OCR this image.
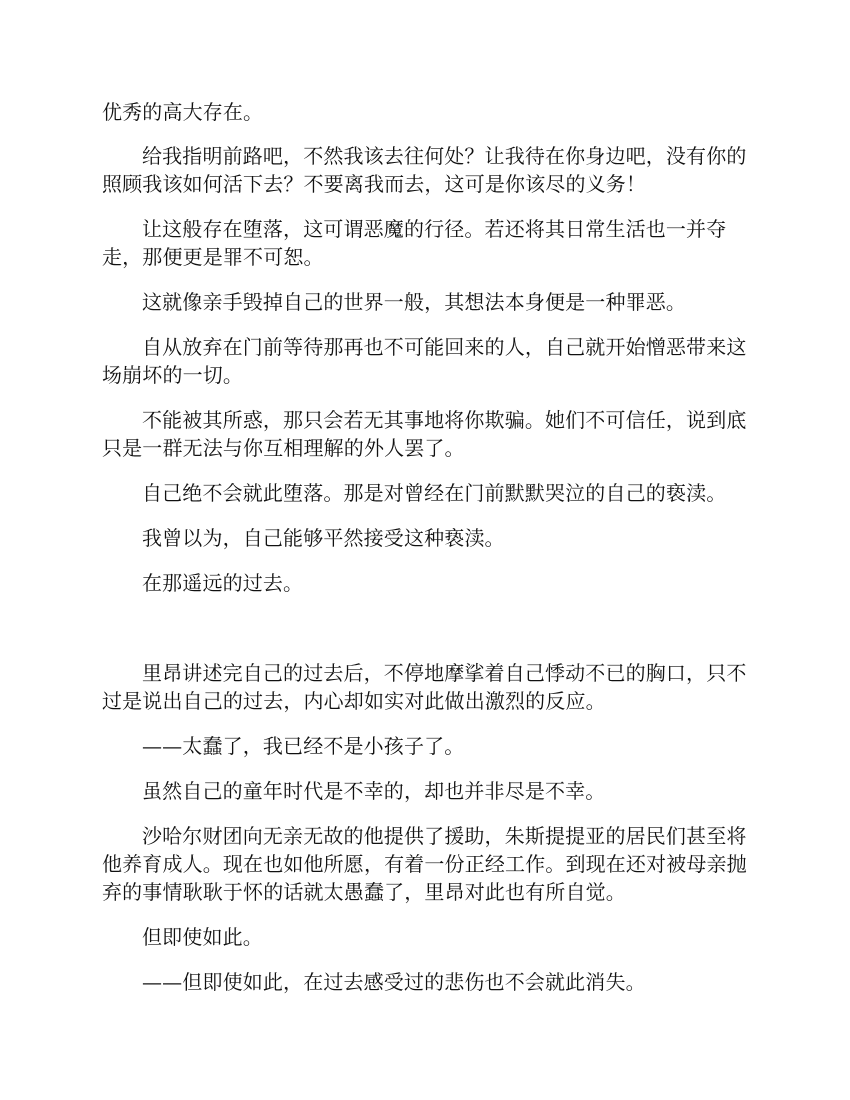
优秀的高大存在。

给我指明前路吧，不然我该去往何处？让我待在你身边吧，没有你的照顾我该如何活下去？不要离我而去，这可是你该尽的义务！

让这般存在堕落，这可谓恶魔的行径。若还将其日常生活也一并夺走，那便更是罪不可恕。

这就像亲手毁掉自己的世界一般，其想法本身便是一种罪恶。

自从放弃在门前等待那再也不可能回来的人，自己就开始憎恶带来这场崩坏的一切。

不能被其所惑，那只会若无其事地将你欺骗。她们不可信任，说到底只是一群无法与你互相理解的外人罢了。

自己绝不会就此堕落。那是对曾经在门前默默哭泣的自己的亵渎。

我曾以为，自己能够平然接受这种亵渎。

在那遥远的过去。

里昂讲述完自己的过去后，不停地摩挲着自己悸动不已的胸口，只不过是说出自己的过去，内心却如实对此做出激烈的反应。

——太蠢了，我已经不是小孩子了。

虽然自己的童年时代是不幸的，却也并非尽是不幸。

沙哈尔财团向无亲无故的他提供了援助，朱斯提提亚的居民们甚至将他养育成人。现在也如他所愿，有着一份正经工作。到现在还对被母亲抛弃的事情耿耿于怀的话就太愚蠢了，里昂对此也有所自觉。

但即使如此。

——但即使如此，在过去感受过的悲伤也不会就此消失。
